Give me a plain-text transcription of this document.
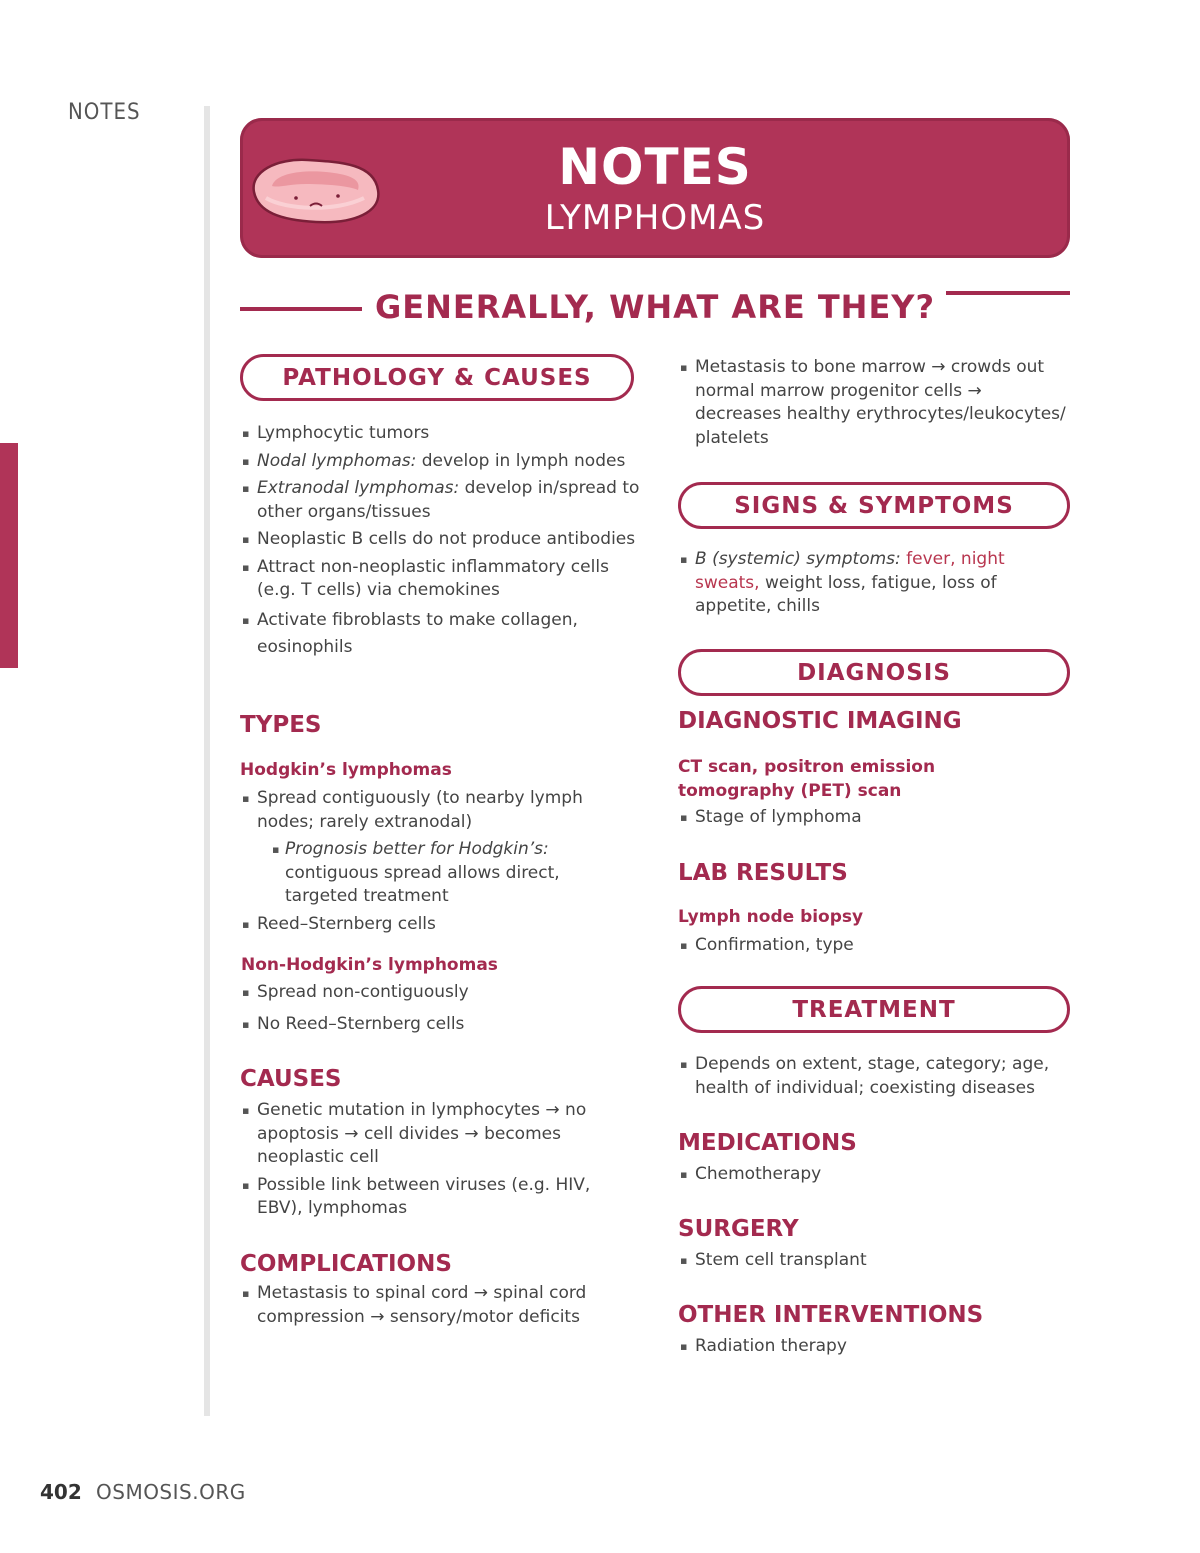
NOTES
NOTES
LYMPHOMAS
GENERALLY, WHAT ARE THEY?
PATHOLOGY & CAUSES
▪ Lymphocytic tumors
▪ Nodal lymphomas: develop in lymph nodes
▪ Extranodal lymphomas: develop in/spread to other organs/tissues
▪ Neoplastic B cells do not produce antibodies
▪ Attract non-neoplastic inflammatory cells (e.g. T cells) via chemokines
▪ Activate fibroblasts to make collagen, eosinophils
TYPES
Hodgkin’s lymphomas
▪ Spread contiguously (to nearby lymph nodes; rarely extranodal)
▪ Prognosis better for Hodgkin’s: contiguous spread allows direct, targeted treatment
▪ Reed–Sternberg cells
Non-Hodgkin’s lymphomas
▪ Spread non-contiguously
▪ No Reed–Sternberg cells
CAUSES
▪ Genetic mutation in lymphocytes → no apoptosis → cell divides → becomes neoplastic cell
▪ Possible link between viruses (e.g. HIV, EBV), lymphomas
COMPLICATIONS
▪ Metastasis to spinal cord → spinal cord compression → sensory/motor deficits
▪ Metastasis to bone marrow → crowds out normal marrow progenitor cells → decreases healthy erythrocytes/leukocytes/ platelets
SIGNS & SYMPTOMS
▪ B (systemic) symptoms: fever, night sweats, weight loss, fatigue, loss of appetite, chills
DIAGNOSIS
DIAGNOSTIC IMAGING
CT scan, positron emission tomography (PET) scan
▪ Stage of lymphoma
LAB RESULTS
Lymph node biopsy
▪ Confirmation, type
TREATMENT
▪ Depends on extent, stage, category; age, health of individual; coexisting diseases
MEDICATIONS
▪ Chemotherapy
SURGERY
▪ Stem cell transplant
OTHER INTERVENTIONS
▪ Radiation therapy
402 OSMOSIS.ORG
